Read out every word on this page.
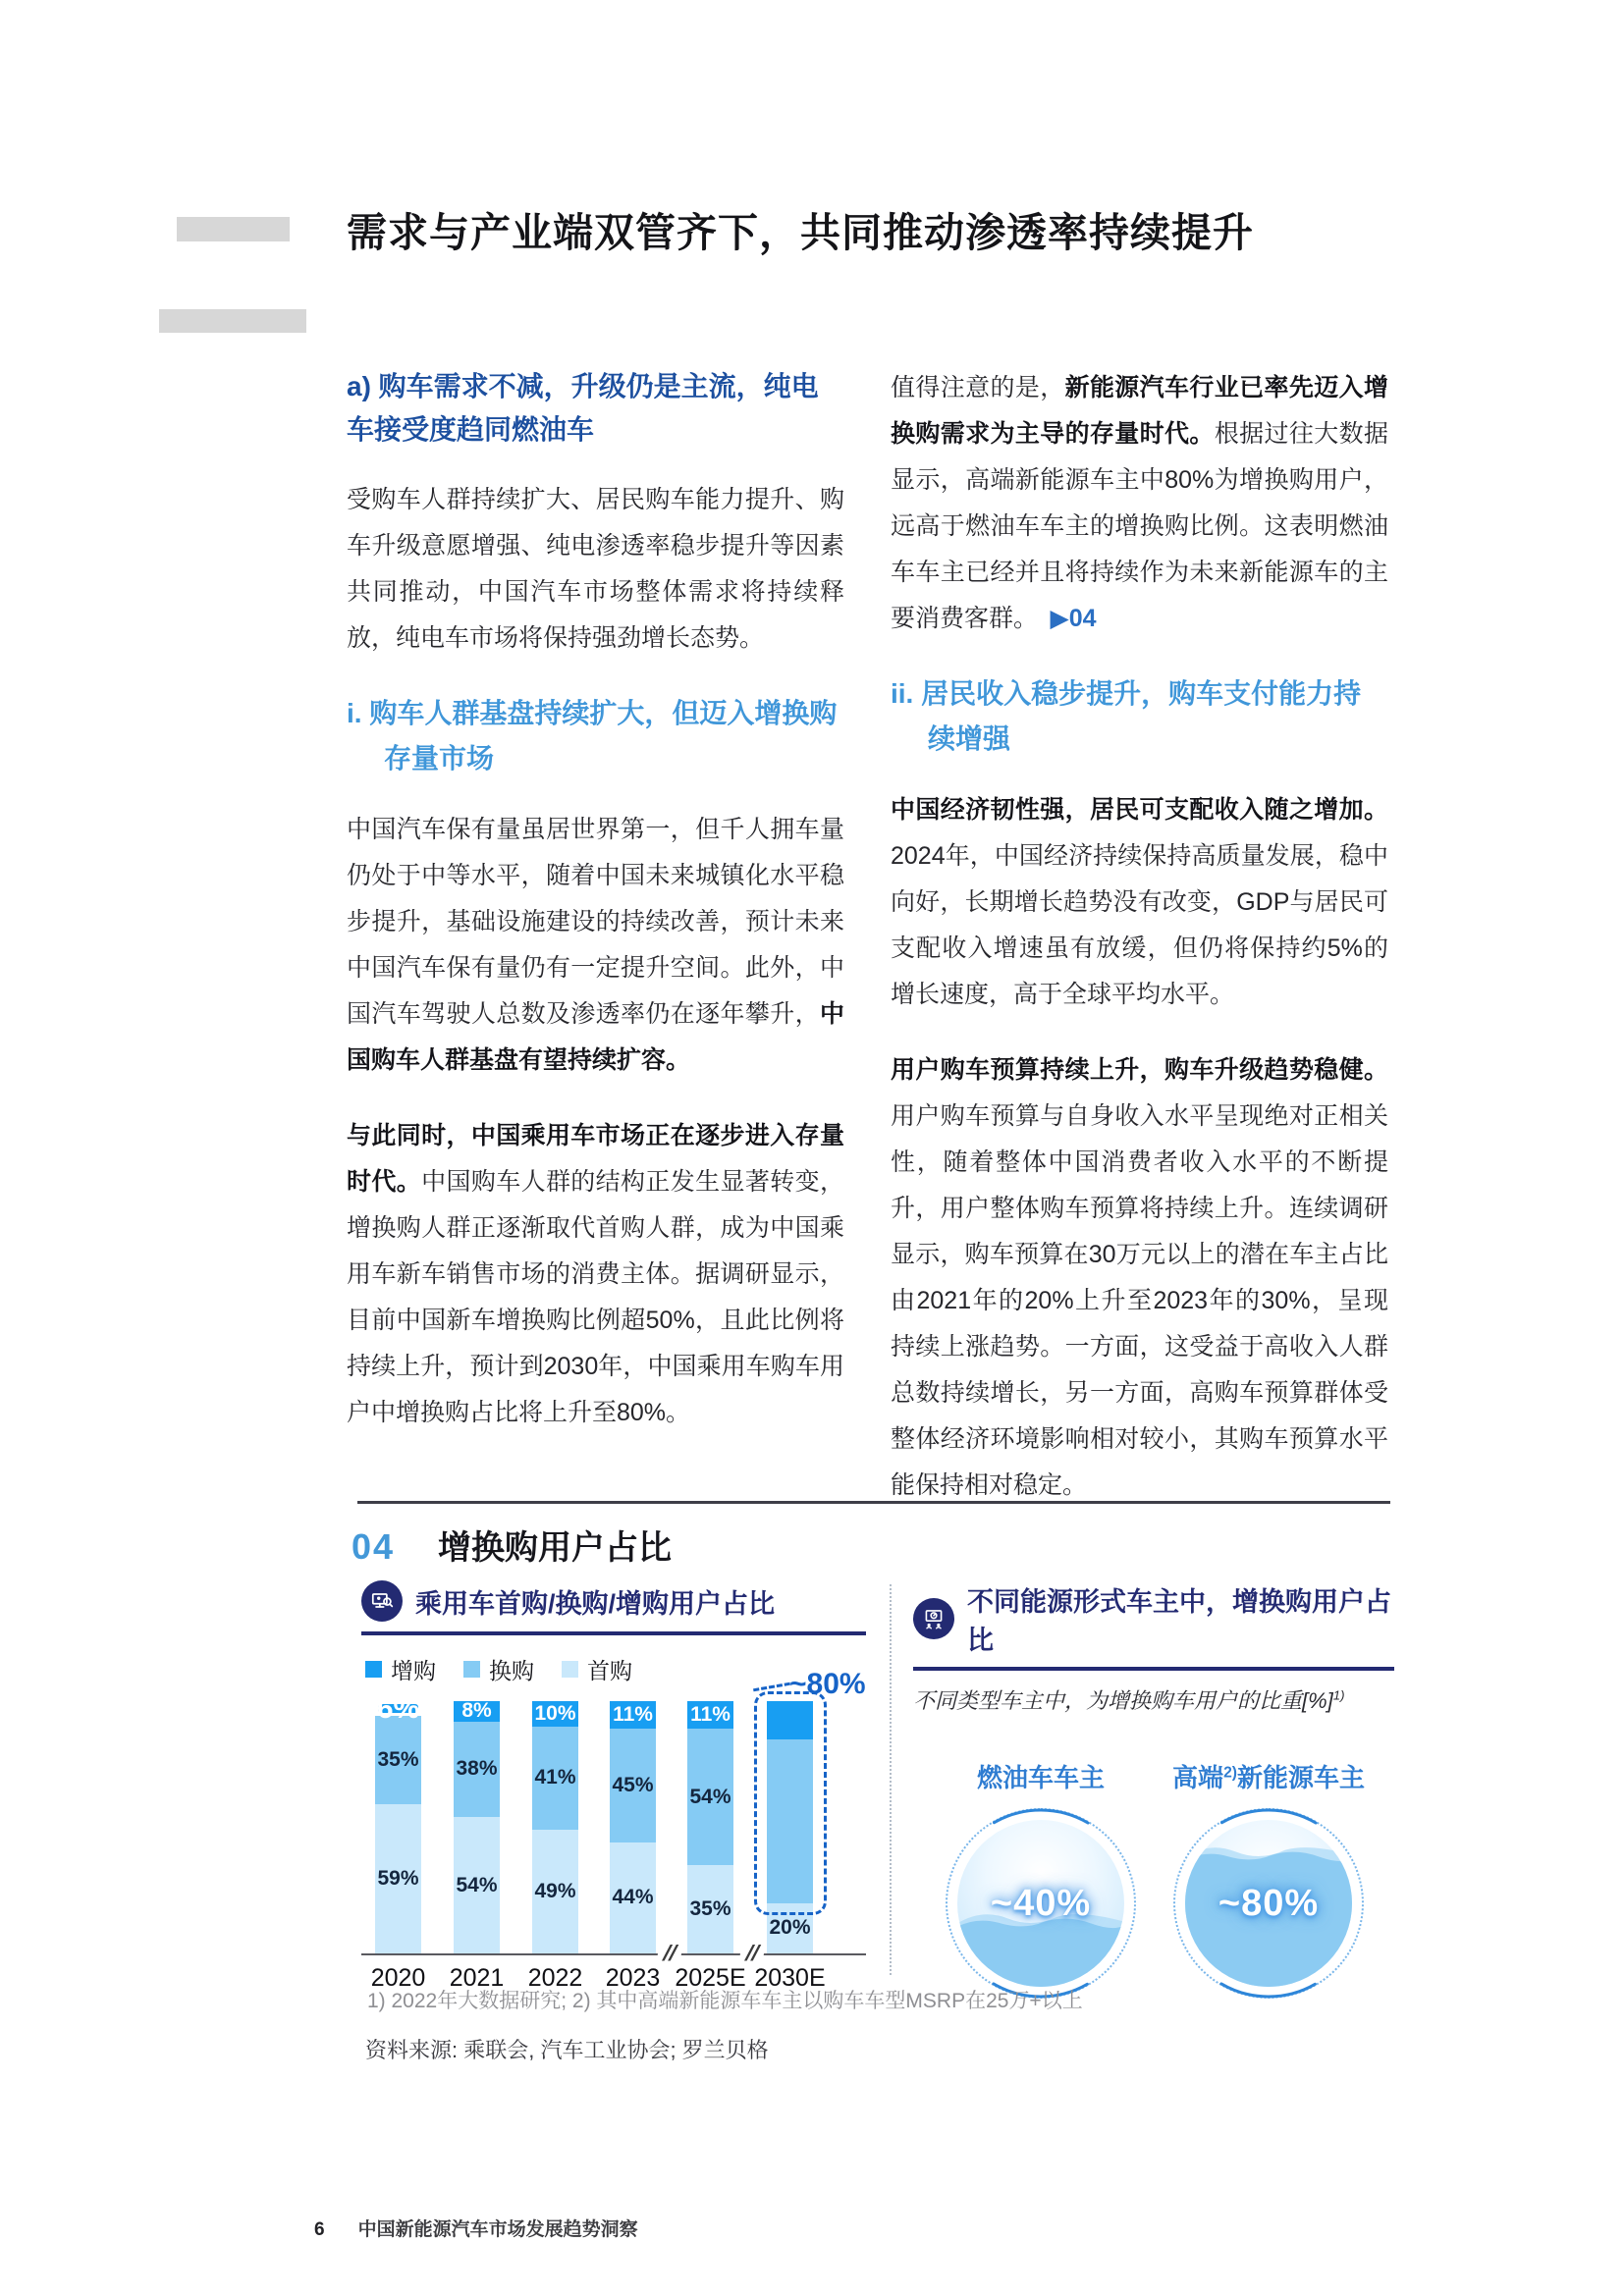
需求与产业端双管齐下，共同推动渗透率持续提升
a) 购车需求不减，升级仍是主流，纯电车接受度趋同燃油车

受购车人群持续扩大、居民购车能力提升、购车升级意愿增强、纯电渗透率稳步提升等因素共同推动，中国汽车市场整体需求将持续释放，纯电车市场将保持强劲增长态势。

i. 购车人群基盘持续扩大，但迈入增换购存量市场

中国汽车保有量虽居世界第一，但千人拥车量仍处于中等水平，随着中国未来城镇化水平稳步提升，基础设施建设的持续改善，预计未来中国汽车保有量仍有一定提升空间。此外，中国汽车驾驶人总数及渗透率仍在逐年攀升，中国购车人群基盘有望持续扩容。

与此同时，中国乘用车市场正在逐步进入存量时代。中国购车人群的结构正发生显著转变，增换购人群正逐渐取代首购人群，成为中国乘用车新车销售市场的消费主体。据调研显示，目前中国新车增换购比例超50%，且此比例将持续上升，预计到2030年，中国乘用车购车用户中增换购占比将上升至80%。

值得注意的是，新能源汽车行业已率先迈入增换购需求为主导的存量时代。根据过往大数据显示，高端新能源车主中80%为增换购用户，远高于燃油车车主的增换购比例。这表明燃油车车主已经并且将持续作为未来新能源车的主要消费客群。　▶04

ii. 居民收入稳步提升，购车支付能力持续增强

中国经济韧性强，居民可支配收入随之增加。2024年，中国经济持续保持高质量发展，稳中向好，长期增长趋势没有改变，GDP与居民可支配收入增速虽有放缓，但仍将保持约5%的增长速度，高于全球平均水平。

用户购车预算持续上升，购车升级趋势稳健。用户购车预算与自身收入水平呈现绝对正相关性，随着整体中国消费者收入水平的不断提升，用户整体购车预算将持续上升。连续调研显示，购车预算在30万元以上的潜在车主占比由2021年的20%上升至2023年的30%，呈现持续上涨趋势。一方面，这受益于高收入人群总数持续增长，另一方面，高购车预算群体受整体经济环境影响相对较小，其购车预算水平能保持相对稳定。

04 增换购用户占比
乘用车首购/换购/增购用户占比
增购 换购 首购
59%
35%
6%
2020
54%
38%
8%
2021
49%
41%
10%
2022
44%
45%
11%
2023
35%
54%
11%
2025E
20%
2030E
//	//
~80%
不同能源形式车主中，增换购用户占比
不同类型车主中，为增换购车用户的比重[%]$^{1)}$
燃油车车主
~40%
高端$^{2)}$新能源车主
~80%
1) 2022年大数据研究; 2) 其中高端新能源车车主以购车车型MSRP在25万+以上
资料来源: 乘联会, 汽车工业协会; 罗兰贝格
6 中国新能源汽车市场发展趋势洞察
